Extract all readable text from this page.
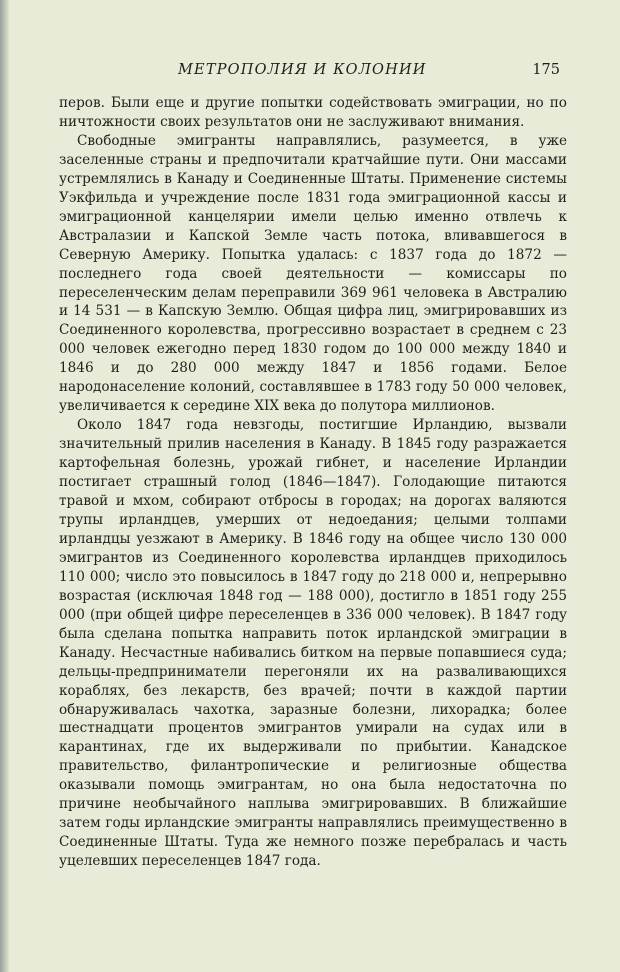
МЕТРОПОЛИЯ И КОЛОНИИ	175

перов. Были еще и другие попытки содействовать эмиграции, но по ничтожности своих результатов они не заслуживают внимания.

Свободные эмигранты направлялись, разумеется, в уже заселенные страны и предпочитали кратчайшие пути. Они массами устремлялись в Канаду и Соединенные Штаты. Применение системы Уэкфильда и учреждение после 1831 года эмиграционной кассы и эмиграционной канцелярии имели целью именно отвлечь к Австралазии и Капской Земле часть потока, вливавшегося в Северную Америку. Попытка удалась: с 1837 года до 1872 — последнего года своей деятельности — комиссары по переселенческим делам переправили 369 961 человека в Австралию и 14 531 — в Капскую Землю. Общая цифра лиц, эмигрировавших из Соединенного королевства, прогрессивно возрастает в среднем с 23 000 человек ежегодно перед 1830 годом до 100 000 между 1840 и 1846 и до 280 000 между 1847 и 1856 годами. Белое народонаселение колоний, составлявшее в 1783 году 50 000 человек, увеличивается к середине XIX века до полутора миллионов.

Около 1847 года невзгоды, постигшие Ирландию, вызвали значительный прилив населения в Канаду. В 1845 году разражается картофельная болезнь, урожай гибнет, и население Ирландии постигает страшный голод (1846—1847). Голодающие питаются травой и мхом, собирают отбросы в городах; на дорогах валяются трупы ирландцев, умерших от недоедания; целыми толпами ирландцы уезжают в Америку. В 1846 году на общее число 130 000 эмигрантов из Соединенного королевства ирландцев приходилось 110 000; число это повысилось в 1847 году до 218 000 и, непрерывно возрастая (исключая 1848 год — 188 000), достигло в 1851 году 255 000 (при общей цифре переселенцев в 336 000 человек). В 1847 году была сделана попытка направить поток ирландской эмиграции в Канаду. Несчастные набивались битком на первые попавшиеся суда; дельцы-предприниматели перегоняли их на разваливающихся кораблях, без лекарств, без врачей; почти в каждой партии обнаруживалась чахотка, заразные болезни, лихорадка; более шестнадцати процентов эмигрантов умирали на судах или в карантинах, где их выдерживали по прибытии. Канадское правительство, филантропические и религиозные общества оказывали помощь эмигрантам, но она была недостаточна по причине необычайного наплыва эмигрировавших. В ближайшие затем годы ирландские эмигранты направлялись преимущественно в Соединенные Штаты. Туда же немного позже перебралась и часть уцелевших переселенцев 1847 года.
